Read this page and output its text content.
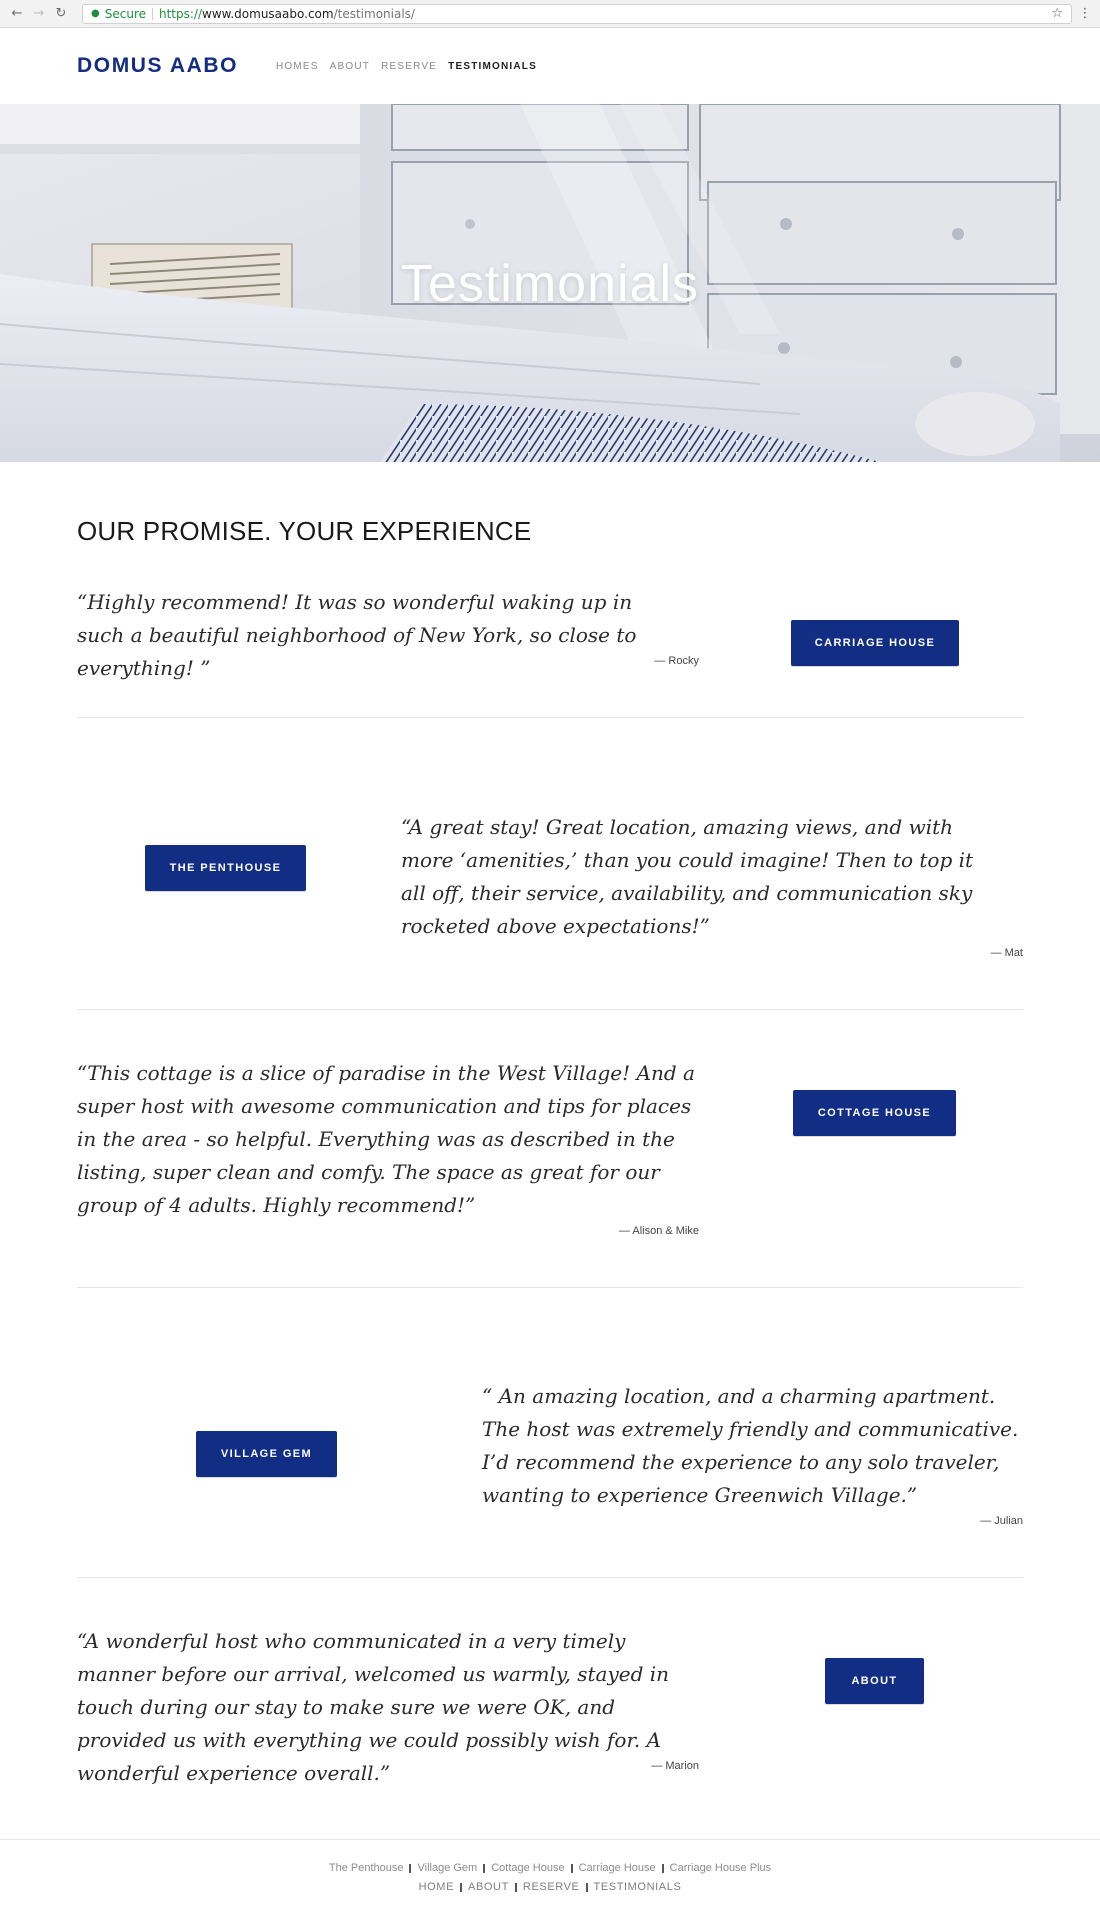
← → ↻	● Secure https:// www.domusaabo.com /testimonials/	☆ ⋮
DOMUS AABO	HOMES ABOUT RESERVE TESTIMONIALS
Testimonials
OUR PROMISE. YOUR EXPERIENCE
“Highly recommend! It was so wonderful waking up in such a beautiful neighborhood of New York, so close to everything! ”	— Rocky
CARRIAGE HOUSE
THE PENTHOUSE
“A great stay! Great location, amazing views, and with more ‘amenities,’ than you could imagine! Then to top it all off, their service, availability, and communication sky rocketed above expectations!”
— Mat
“This cottage is a slice of paradise in the West Village! And a super host with awesome communication and tips for places in the area - so helpful. Everything was as described in the listing, super clean and comfy. The space as great for our group of 4 adults. Highly recommend!”
— Alison & Mike
COTTAGE HOUSE
VILLAGE GEM
“ An amazing location, and a charming apartment. The host was extremely friendly and communicative. I’d recommend the experience to any solo traveler, wanting to experience Greenwich Village.”
— Julian
“A wonderful host who communicated in a very timely manner before our arrival, welcomed us warmly, stayed in touch during our stay to make sure we were OK, and provided us with everything we could possibly wish for. A wonderful experience overall.”	— Marion
ABOUT
The Penthouse Village Gem Cottage House Carriage House Carriage House Plus
HOME ABOUT RESERVE TESTIMONIALS
